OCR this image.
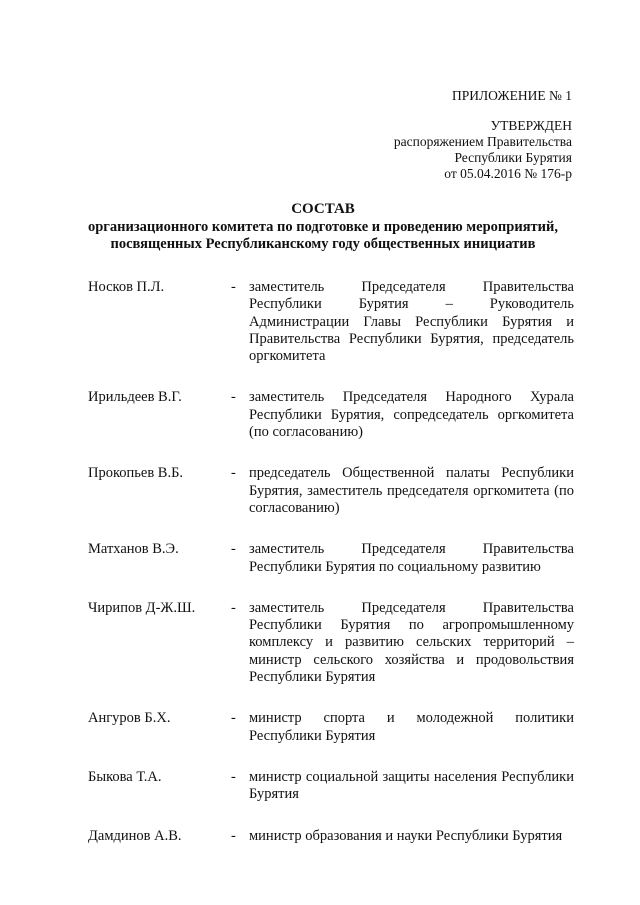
ПРИЛОЖЕНИЕ № 1
УТВЕРЖДЕН
распоряжением Правительства
Республики Бурятия
от 05.04.2016 № 176-р
СОСТАВ
организационного комитета по подготовке и проведению мероприятий,
посвященных Республиканскому году общественных инициатив
Носков П.Л.	- заместитель Председателя Правительства Республики Бурятия – Руководитель Администрации Главы Республики Бурятия и Правительства Республики Бурятия, председатель оргкомитета
Ирильдеев В.Г.	- заместитель Председателя Народного Хурала Республики Бурятия, сопредседатель оргкомитета (по согласованию)
Прокопьев В.Б.	- председатель Общественной палаты Республики Бурятия, заместитель председателя оргкомитета (по согласованию)
Матханов В.Э.	- заместитель Председателя Правительства Республики Бурятия по социальному развитию
Чирипов Д-Ж.Ш.	- заместитель Председателя Правительства Республики Бурятия по агропромышленному комплексу и развитию сельских территорий – министр сельского хозяйства и продовольствия Республики Бурятия
Ангуров Б.Х.	- министр спорта и молодежной политики Республики Бурятия
Быкова Т.А.	- министр социальной защиты населения Республики Бурятия
Дамдинов А.В.	- министр образования и науки Республики Бурятия
